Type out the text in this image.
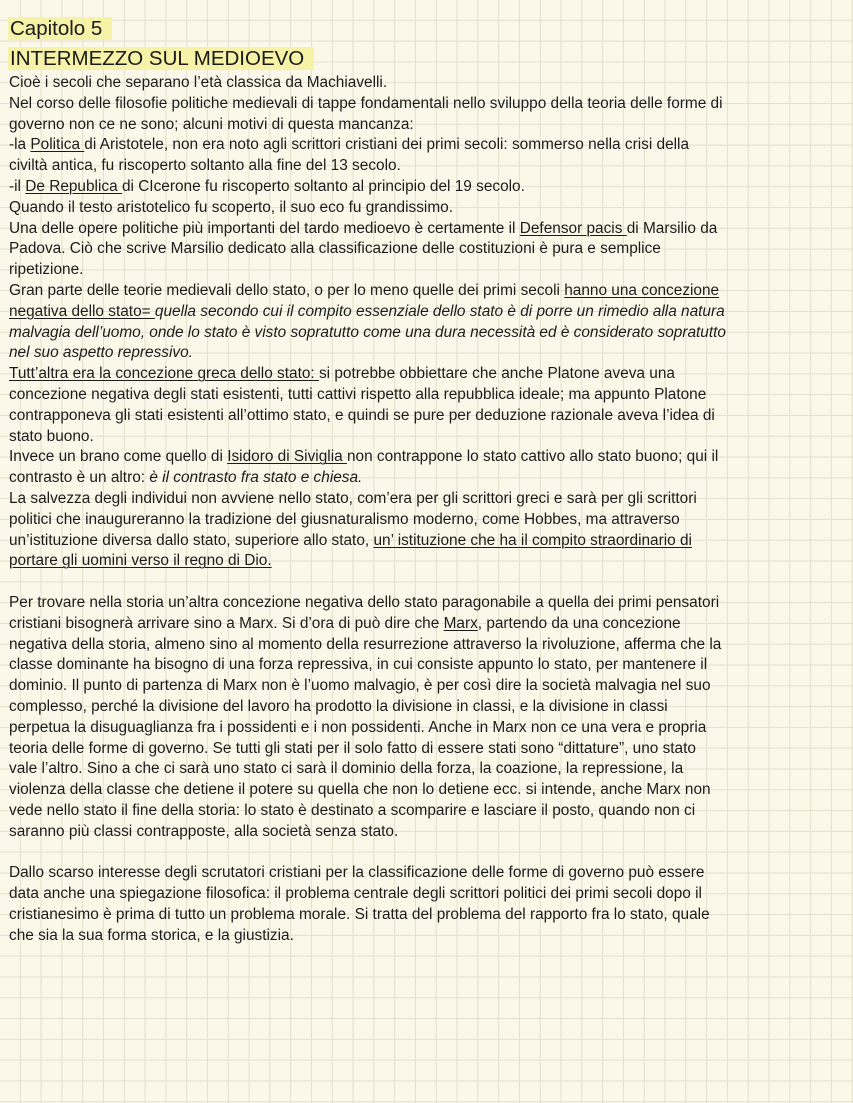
Capitolo 5
INTERMEZZO SUL MEDIOEVO

Cioè i secoli che separano l’età classica da Machiavelli.

Nel corso delle filosofie politiche medievali di tappe fondamentali nello sviluppo della teoria delle forme di

governo non ce ne sono; alcuni motivi di questa mancanza:

-la Politica di Aristotele, non era noto agli scrittori cristiani dei primi secoli: sommerso nella crisi della

civiltà antica, fu riscoperto soltanto alla fine del 13 secolo.

-il De Republica di CIcerone fu riscoperto soltanto al principio del 19 secolo.

Quando il testo aristotelico fu scoperto, il suo eco fu grandissimo.

Una delle opere politiche più importanti del tardo medioevo è certamente il Defensor pacis di Marsilio da

Padova. Ciò che scrive Marsilio dedicato alla classificazione delle costituzioni è pura e semplice

ripetizione.

Gran parte delle teorie medievali dello stato, o per lo meno quelle dei primi secoli hanno una concezione

negativa dello stato= quella secondo cui il compito essenziale dello stato è di porre un rimedio alla natura

malvagia dell’uomo, onde lo stato è visto sopratutto come una dura necessità ed è considerato sopratutto

nel suo aspetto repressivo.

Tutt’altra era la concezione greca dello stato: si potrebbe obbiettare che anche Platone aveva una

concezione negativa degli stati esistenti, tutti cattivi rispetto alla repubblica ideale; ma appunto Platone

contrapponeva gli stati esistenti all’ottimo stato, e quindi se pure per deduzione razionale aveva l’idea di

stato buono.

Invece un brano come quello di Isidoro di Siviglia non contrappone lo stato cattivo allo stato buono; qui il

contrasto è un altro: è il contrasto fra stato e chiesa.

La salvezza degli individui non avviene nello stato, com’era per gli scrittori greci e sarà per gli scrittori

politici che inaugureranno la tradizione del giusnaturalismo moderno, come Hobbes, ma attraverso

un’istituzione diversa dallo stato, superiore allo stato, un’ istituzione che ha il compito straordinario di

portare gli uomini verso il regno di Dio.

Per trovare nella storia un’altra concezione negativa dello stato paragonabile a quella dei primi pensatori

cristiani bisognerà arrivare sino a Marx. Si d’ora di può dire che Marx, partendo da una concezione

negativa della storia, almeno sino al momento della resurrezione attraverso la rivoluzione, afferma che la

classe dominante ha bisogno di una forza repressiva, in cui consiste appunto lo stato, per mantenere il

dominio. Il punto di partenza di Marx non è l’uomo malvagio, è per così dire la società malvagia nel suo

complesso, perché la divisione del lavoro ha prodotto la divisione in classi, e la divisione in classi

perpetua la disuguaglianza fra i possidenti e i non possidenti. Anche in Marx non ce una vera e propria

teoria delle forme di governo. Se tutti gli stati per il solo fatto di essere stati sono “dittature”, uno stato

vale l’altro. Sino a che ci sarà uno stato ci sarà il dominio della forza, la coazione, la repressione, la

violenza della classe che detiene il potere su quella che non lo detiene ecc. si intende, anche Marx non

vede nello stato il fine della storia: lo stato è destinato a scomparire e lasciare il posto, quando non ci

saranno più classi contrapposte, alla società senza stato.

Dallo scarso interesse degli scrutatori cristiani per la classificazione delle forme di governo può essere

data anche una spiegazione filosofica: il problema centrale degli scrittori politici dei primi secoli dopo il

cristianesimo è prima di tutto un problema morale. Si tratta del problema del rapporto fra lo stato, quale

che sia la sua forma storica, e la giustizia.
